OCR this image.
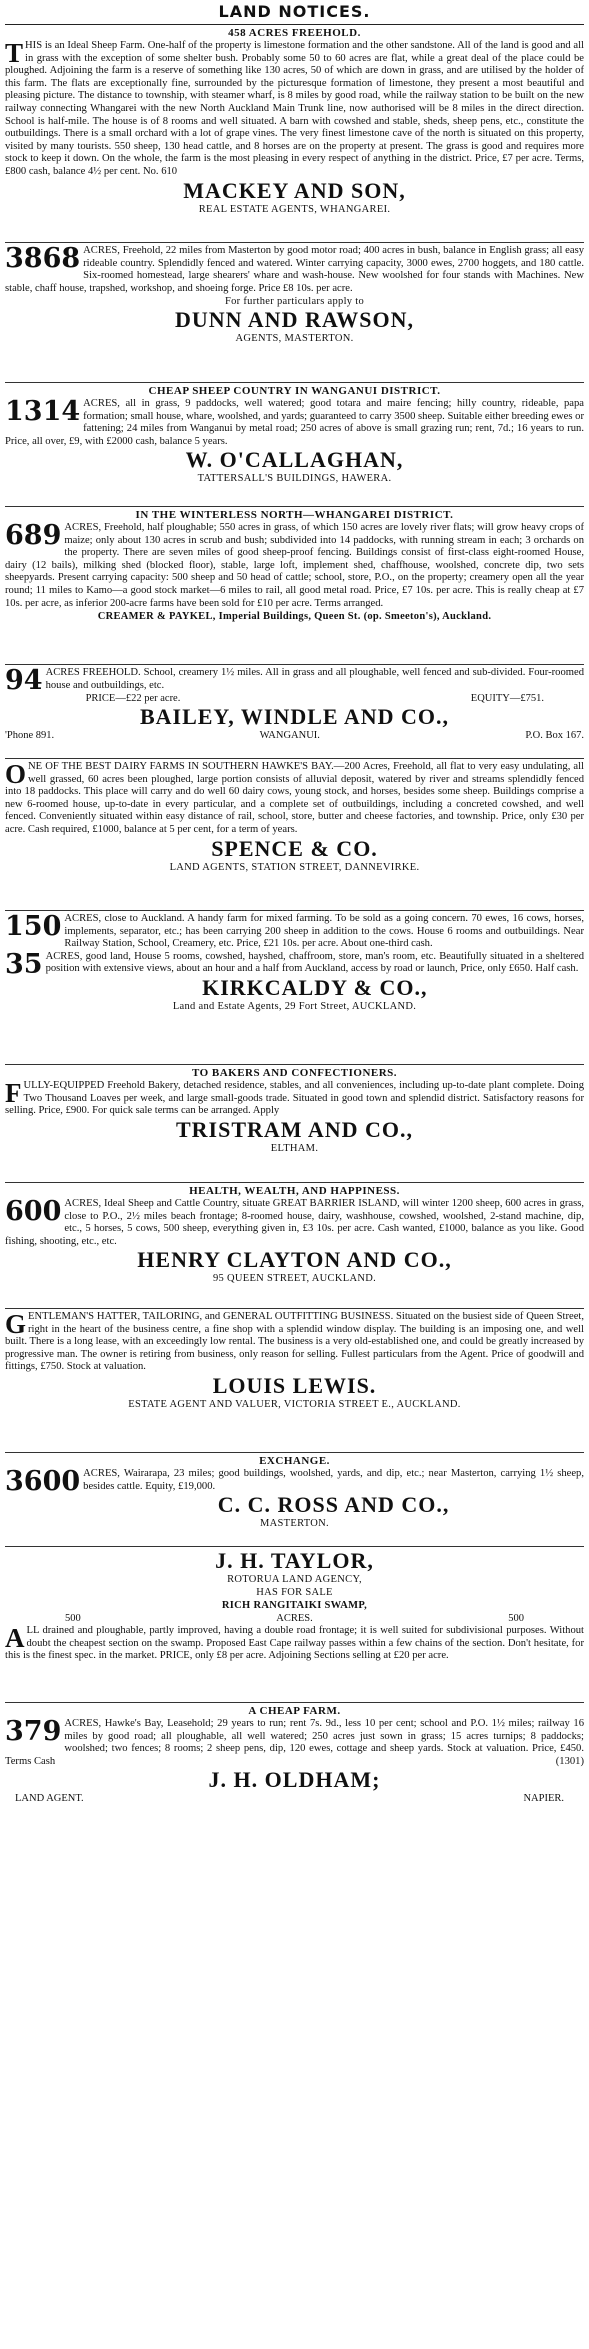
LAND NOTICES.
458 ACRES FREEHOLD.
T HIS is an Ideal Sheep Farm. One-half of the property is limestone formation and the other sandstone. All of the land is good and all in grass with the exception of some shelter bush. Probably some 50 to 60 acres are flat, while a great deal of the place could be ploughed. Adjoining the farm is a reserve of something like 130 acres, 50 of which are down in grass, and are utilised by the holder of this farm. The flats are exceptionally fine, surrounded by the picturesque formation of limestone, they present a most beautiful and pleasing picture. The distance to township, with steamer wharf, is 8 miles by good road, while the railway station to be built on the new railway connecting Whangarei with the new North Auckland Main Trunk line, now authorised will be 8 miles in the direct direction. School is half-mile. The house is of 8 rooms and well situated. A barn with cowshed and stable, sheds, sheep pens, etc., constitute the outbuildings. There is a small orchard with a lot of grape vines. The very finest limestone cave of the north is situated on this property, visited by many tourists. 550 sheep, 130 head cattle, and 8 horses are on the property at present. The grass is good and requires more stock to keep it down. On the whole, the farm is the most pleasing in every respect of anything in the district. Price, £7 per acre. Terms, £800 cash, balance 4½ per cent. No. 610
MACKEY AND SON,
REAL ESTATE AGENTS, WHANGAREI.
3868 ACRES, Freehold, 22 miles from Masterton by good motor road; 400 acres in bush, balance in English grass; all easy rideable country. Splendidly fenced and watered. Winter carrying capacity, 3000 ewes, 2700 hoggets, and 180 cattle. Six-roomed homestead, large shearers' whare and wash-house. New woolshed for four stands with Machines. New stable, chaff house, trapshed, workshop, and shoeing forge. Price £8 10s. per acre.
For further particulars apply to
DUNN AND RAWSON,
AGENTS, MASTERTON.
CHEAP SHEEP COUNTRY IN WANGANUI DISTRICT.
1314 ACRES, all in grass, 9 paddocks, well watered; good totara and maire fencing; hilly country, rideable, papa formation; small house, whare, woolshed, and yards; guaranteed to carry 3500 sheep. Suitable either breeding ewes or fattening; 24 miles from Wanganui by metal road; 250 acres of above is small grazing run; rent, 7d.; 16 years to run. Price, all over, £9, with £2000 cash, balance 5 years.
W. O'CALLAGHAN,
TATTERSALL'S BUILDINGS, HAWERA.
IN THE WINTERLESS NORTH—WHANGAREI DISTRICT.
689 ACRES, Freehold, half ploughable; 550 acres in grass, of which 150 acres are lovely river flats; will grow heavy crops of maize; only about 130 acres in scrub and bush; subdivided into 14 paddocks, with running stream in each; 3 orchards on the property. There are seven miles of good sheep-proof fencing. Buildings consist of first-class eight-roomed House, dairy (12 bails), milking shed (blocked floor), stable, large loft, implement shed, chaffhouse, woolshed, concrete dip, two sets sheepyards. Present carrying capacity: 500 sheep and 50 head of cattle; school, store, P.O., on the property; creamery open all the year round; 11 miles to Kamo—a good stock market—6 miles to rail, all good metal road. Price, £7 10s. per acre. This is really cheap at £7 10s. per acre, as inferior 200-acre farms have been sold for £10 per acre. Terms arranged.
CREAMER & PAYKEL, Imperial Buildings, Queen St. (op. Smeeton's), Auckland.
94 ACRES FREEHOLD. School, creamery 1½ miles. All in grass and all ploughable, well fenced and sub-divided. Four-roomed house and outbuildings, etc.
PRICE—£22 per acre.	EQUITY—£751.
BAILEY, WINDLE AND CO.,
'Phone 891.	WANGANUI.	P.O. Box 167.
O NE OF THE BEST DAIRY FARMS IN SOUTHERN HAWKE'S BAY.—200 Acres, Freehold, all flat to very easy undulating, all well grassed, 60 acres been ploughed, large portion consists of alluvial deposit, watered by river and streams splendidly fenced into 18 paddocks. This place will carry and do well 60 dairy cows, young stock, and horses, besides some sheep. Buildings comprise a new 6-roomed house, up-to-date in every particular, and a complete set of outbuildings, including a concreted cowshed, and well fenced. Conveniently situated within easy distance of rail, school, store, butter and cheese factories, and township. Price, only £30 per acre. Cash required, £1000, balance at 5 per cent, for a term of years.
SPENCE & CO.
LAND AGENTS, STATION STREET, DANNEVIRKE.
150 ACRES, close to Auckland. A handy farm for mixed farming. To be sold as a going concern. 70 ewes, 16 cows, horses, implements, separator, etc.; has been carrying 200 sheep in addition to the cows. House 6 rooms and outbuildings. Near Railway Station, School, Creamery, etc. Price, £21 10s. per acre. About one-third cash.
35 ACRES, good land, House 5 rooms, cowshed, hayshed, chaffroom, store, man's room, etc. Beautifully situated in a sheltered position with extensive views, about an hour and a half from Auckland, access by road or launch, Price, only £650. Half cash.
KIRKCALDY & CO.,
Land and Estate Agents, 29 Fort Street, AUCKLAND.
TO BAKERS AND CONFECTIONERS.
F ULLY-EQUIPPED Freehold Bakery, detached residence, stables, and all conveniences, including up-to-date plant complete. Doing Two Thousand Loaves per week, and large small-goods trade. Situated in good town and splendid district. Satisfactory reasons for selling. Price, £900. For quick sale terms can be arranged. Apply
TRISTRAM AND CO.,
ELTHAM.
HEALTH, WEALTH, AND HAPPINESS.
600 ACRES, Ideal Sheep and Cattle Country, situate GREAT BARRIER ISLAND, will winter 1200 sheep, 600 acres in grass, close to P.O., 2½ miles beach frontage; 8-roomed house, dairy, washhouse, cowshed, woolshed, 2-stand machine, dip, etc., 5 horses, 5 cows, 500 sheep, everything given in, £3 10s. per acre. Cash wanted, £1000, balance as you like. Good fishing, shooting, etc., etc.
HENRY CLAYTON AND CO.,
95 QUEEN STREET, AUCKLAND.
G ENTLEMAN'S HATTER, TAILORING, and GENERAL OUTFITTING BUSINESS. Situated on the busiest side of Queen Street, right in the heart of the business centre, a fine shop with a splendid window display. The building is an imposing one, and well built. There is a long lease, with an exceedingly low rental. The business is a very old-established one, and could be greatly increased by progressive man. The owner is retiring from business, only reason for selling. Fullest particulars from the Agent. Price of goodwill and fittings, £750. Stock at valuation.
LOUIS LEWIS.
ESTATE AGENT AND VALUER, VICTORIA STREET E., AUCKLAND.
EXCHANGE.
3600 ACRES, Wairarapa, 23 miles; good buildings, woolshed, yards, and dip, etc.; near Masterton, carrying 1½ sheep, besides cattle. Equity, £19,000.
C. C. ROSS AND CO.,
MASTERTON.
J. H. TAYLOR,
ROTORUA LAND AGENCY,
HAS FOR SALE
RICH RANGITAIKI SWAMP,
500	ACRES.	500
A LL drained and ploughable, partly improved, having a double road frontage; it is well suited for subdivisional purposes. Without doubt the cheapest section on the swamp. Proposed East Cape railway passes within a few chains of the section. Don't hesitate, for this is the finest spec. in the market. PRICE, only £8 per acre. Adjoining Sections selling at £20 per acre.
A CHEAP FARM.
379 ACRES, Hawke's Bay, Leasehold; 29 years to run; rent 7s. 9d., less 10 per cent; school and P.O. 1½ miles; railway 16 miles by good road; all ploughable, all well watered; 250 acres just sown in grass; 15 acres turnips; 8 paddocks; woolshed; two fences; 8 rooms; 2 sheep pens, dip, 120 ewes, cottage and sheep yards. Stock at valuation. Price, £450. Terms Cash	(1301)
J. H. OLDHAM;
LAND AGENT.	NAPIER.
